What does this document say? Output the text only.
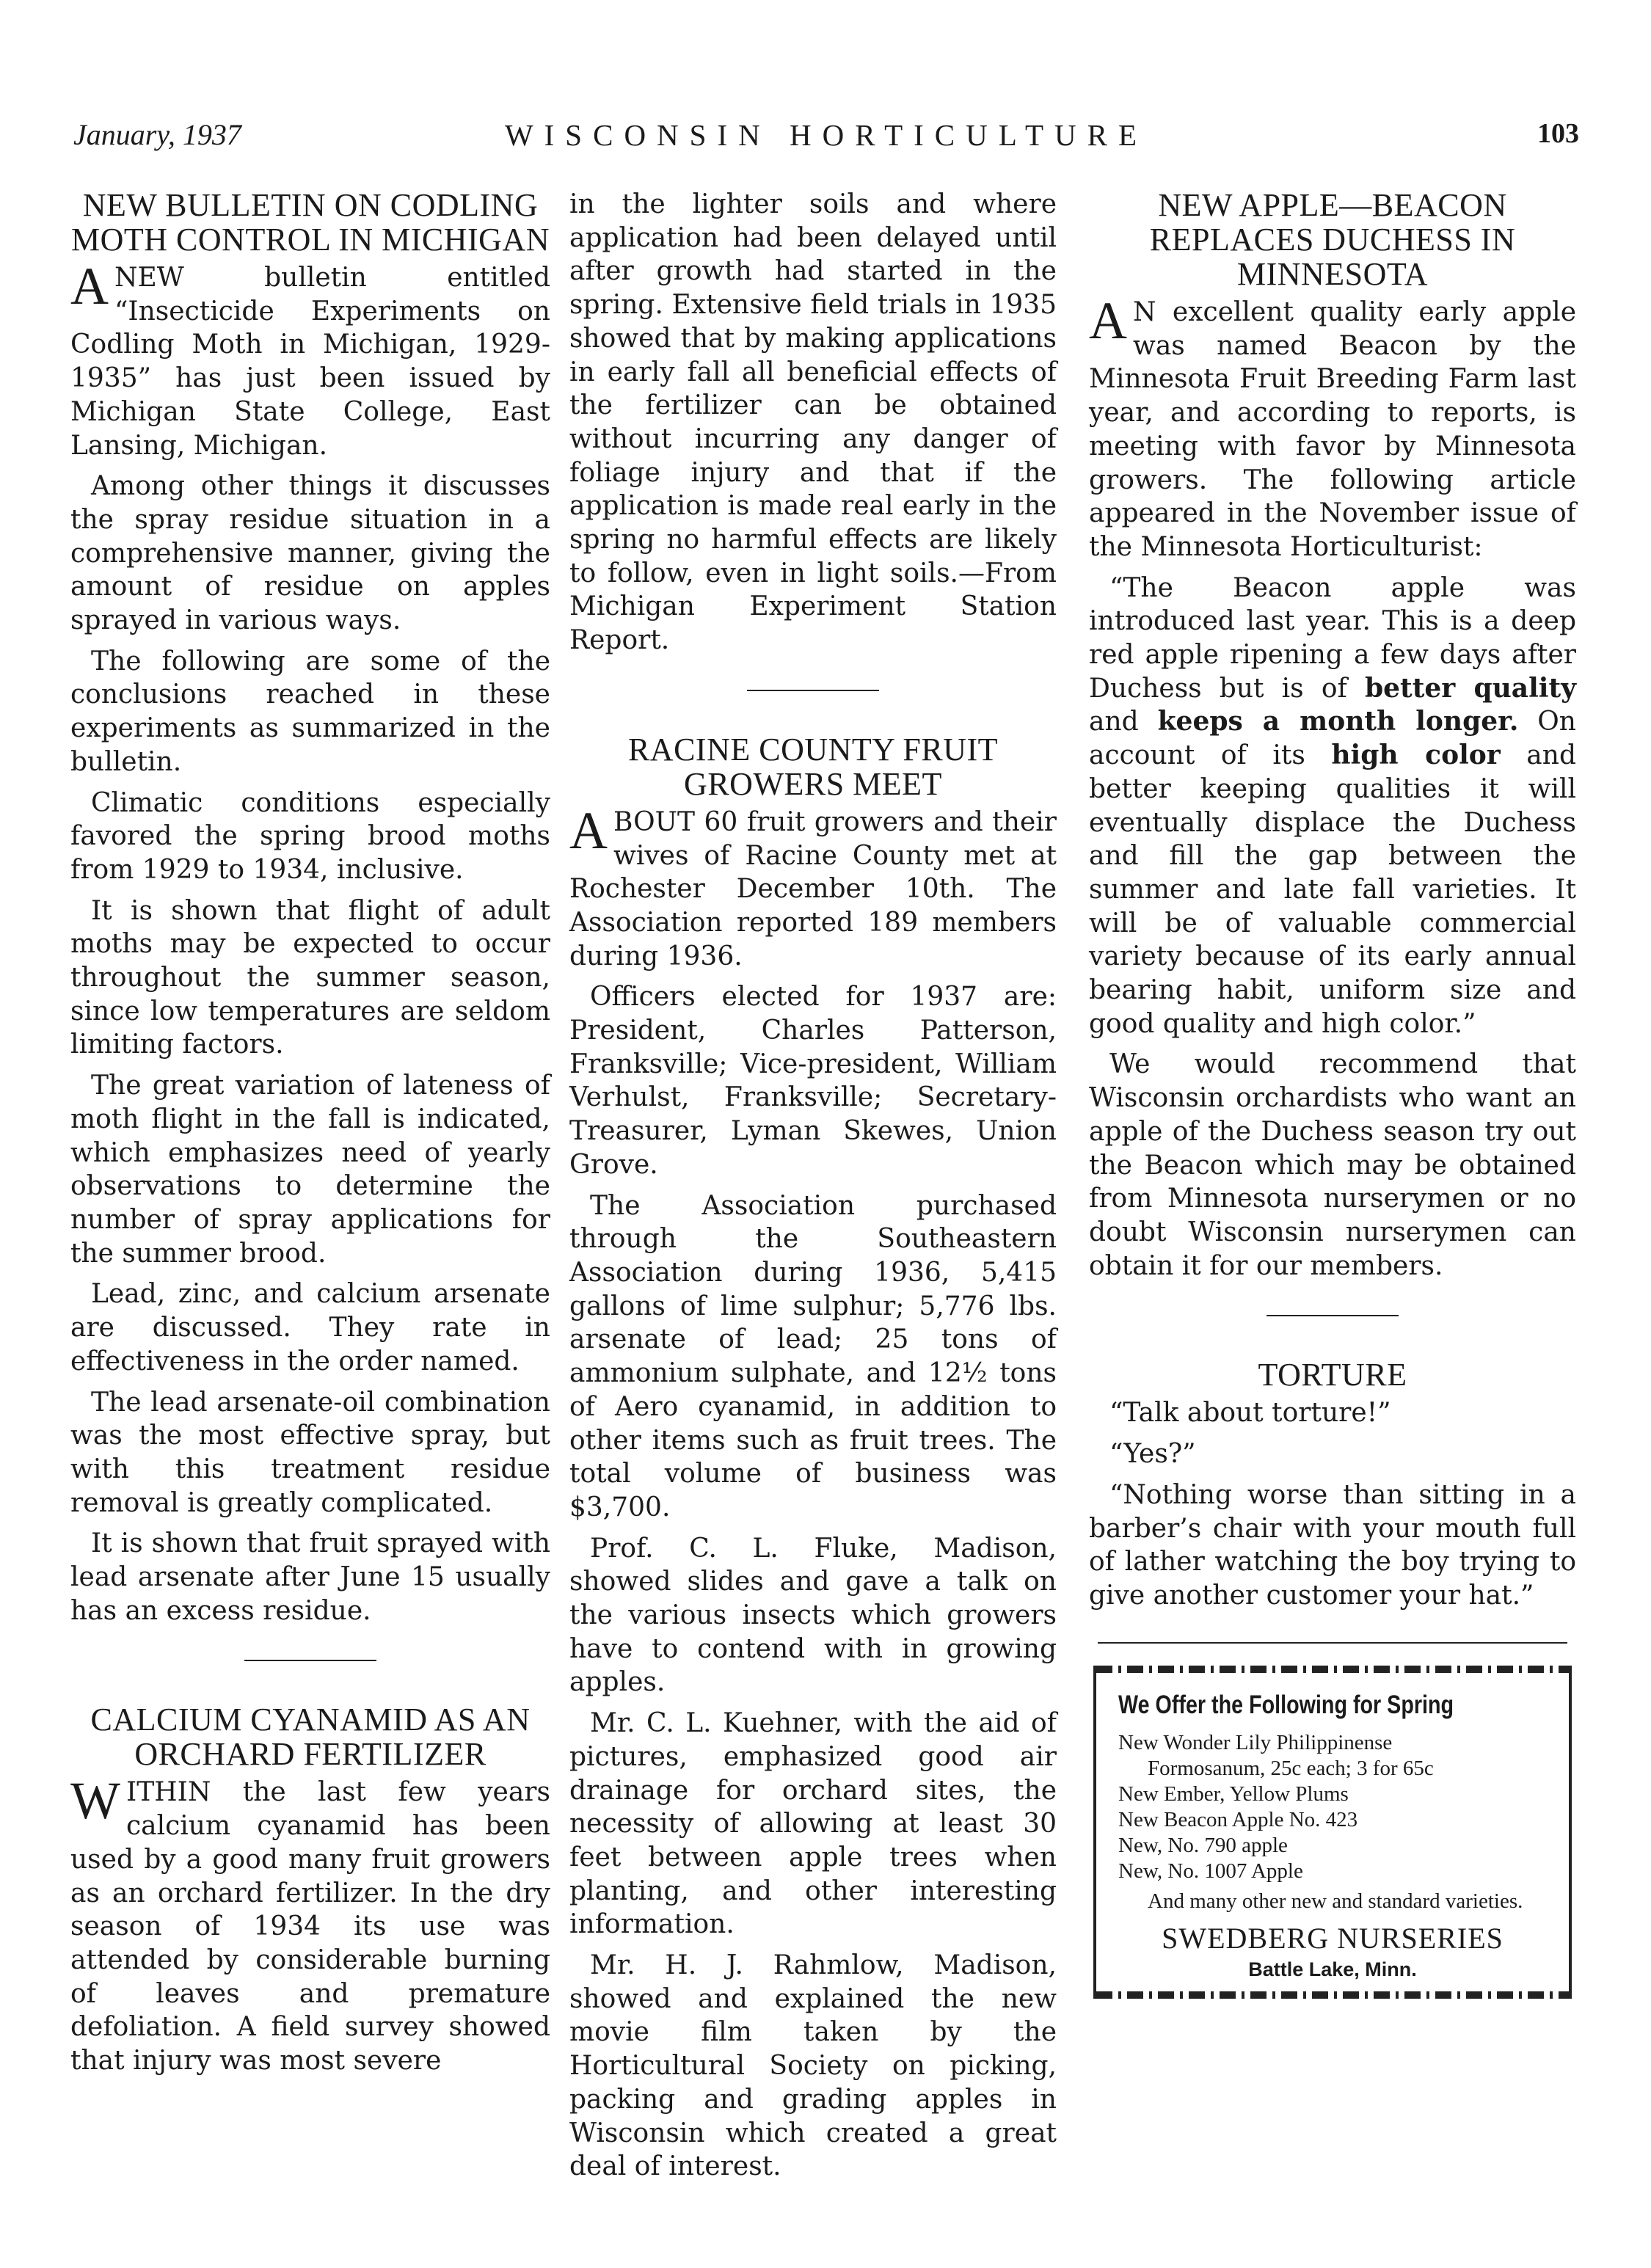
January, 1937	WISCONSIN HORTICULTURE	103
NEW BULLETIN ON CODLING MOTH CONTROL IN MICHIGAN

ANEW bulletin entitled “Insecticide Experiments on Codling Moth in Michigan, 1929-1935” has just been issued by Michigan State College, East Lansing, Michigan.

Among other things it discusses the spray residue situation in a comprehensive manner, giving the amount of residue on apples sprayed in various ways.

The following are some of the conclusions reached in these experiments as summarized in the bulletin.

Climatic conditions especially favored the spring brood moths from 1929 to 1934, inclusive.

It is shown that flight of adult moths may be expected to occur throughout the summer season, since low temperatures are seldom limiting factors.

The great variation of lateness of moth flight in the fall is indicated, which emphasizes need of yearly observations to determine the number of spray applications for the summer brood.

Lead, zinc, and calcium arsenate are discussed. They rate in effectiveness in the order named.

The lead arsenate-oil combination was the most effective spray, but with this treatment residue removal is greatly complicated.

It is shown that fruit sprayed with lead arsenate after June 15 usually has an excess residue.

CALCIUM CYANAMID AS AN ORCHARD FERTILIZER

WITHIN the last few years calcium cyanamid has been used by a good many fruit growers as an orchard fertilizer. In the dry season of 1934 its use was attended by considerable burning of leaves and premature defoliation. A field survey showed that injury was most severe

in the lighter soils and where application had been delayed until after growth had started in the spring. Extensive field trials in 1935 showed that by making applications in early fall all beneficial effects of the fertilizer can be obtained without incurring any danger of foliage injury and that if the application is made real early in the spring no harmful effects are likely to follow, even in light soils.—From Michigan Experiment Station Report.

RACINE COUNTY FRUIT GROWERS MEET

ABOUT 60 fruit growers and their wives of Racine County met at Rochester December 10th. The Association reported 189 members during 1936.

Officers elected for 1937 are: President, Charles Patterson, Franksville; Vice-president, William Verhulst, Franksville; Secretary-Treasurer, Lyman Skewes, Union Grove.

The Association purchased through the Southeastern Association during 1936, 5,415 gallons of lime sulphur; 5,776 lbs. arsenate of lead; 25 tons of ammonium sulphate, and 12½ tons of Aero cyanamid, in addition to other items such as fruit trees. The total volume of business was $3,700.

Prof. C. L. Fluke, Madison, showed slides and gave a talk on the various insects which growers have to contend with in growing apples.

Mr. C. L. Kuehner, with the aid of pictures, emphasized good air drainage for orchard sites, the necessity of allowing at least 30 feet between apple trees when planting, and other interesting information.

Mr. H. J. Rahmlow, Madison, showed and explained the new movie film taken by the Horticultural Society on picking, packing and grading apples in Wisconsin which created a great deal of interest.

NEW APPLE—BEACON REPLACES DUCHESS IN MINNESOTA

A N excellent quality early apple was named Beacon by the Minnesota Fruit Breeding Farm last year, and according to reports, is meeting with favor by Minnesota growers. The following article appeared in the November issue of the Minnesota Horticulturist:

“The Beacon apple was introduced last year. This is a deep red apple ripening a few days after Duchess but is of better quality and keeps a month longer. On account of its high color and better keeping qualities it will eventually displace the Duchess and fill the gap between the summer and late fall varieties. It will be of valuable commercial variety because of its early annual bearing habit, uniform size and good quality and high color.”

We would recommend that Wisconsin orchardists who want an apple of the Duchess season try out the Beacon which may be obtained from Minnesota nurserymen or no doubt Wisconsin nurserymen can obtain it for our members.

TORTURE

“Talk about torture!”

“Yes?”

“Nothing worse than sitting in a barber’s chair with your mouth full of lather watching the boy trying to give another customer your hat.”

We Offer the Following for Spring
New Wonder Lily Philippinense
Formosanum, 25c each; 3 for 65c
New Ember, Yellow Plums
New Beacon Apple No. 423
New, No. 790 apple
New, No. 1007 Apple
And many other new and standard varieties.
SWEDBERG NURSERIES
Battle Lake, Minn.
